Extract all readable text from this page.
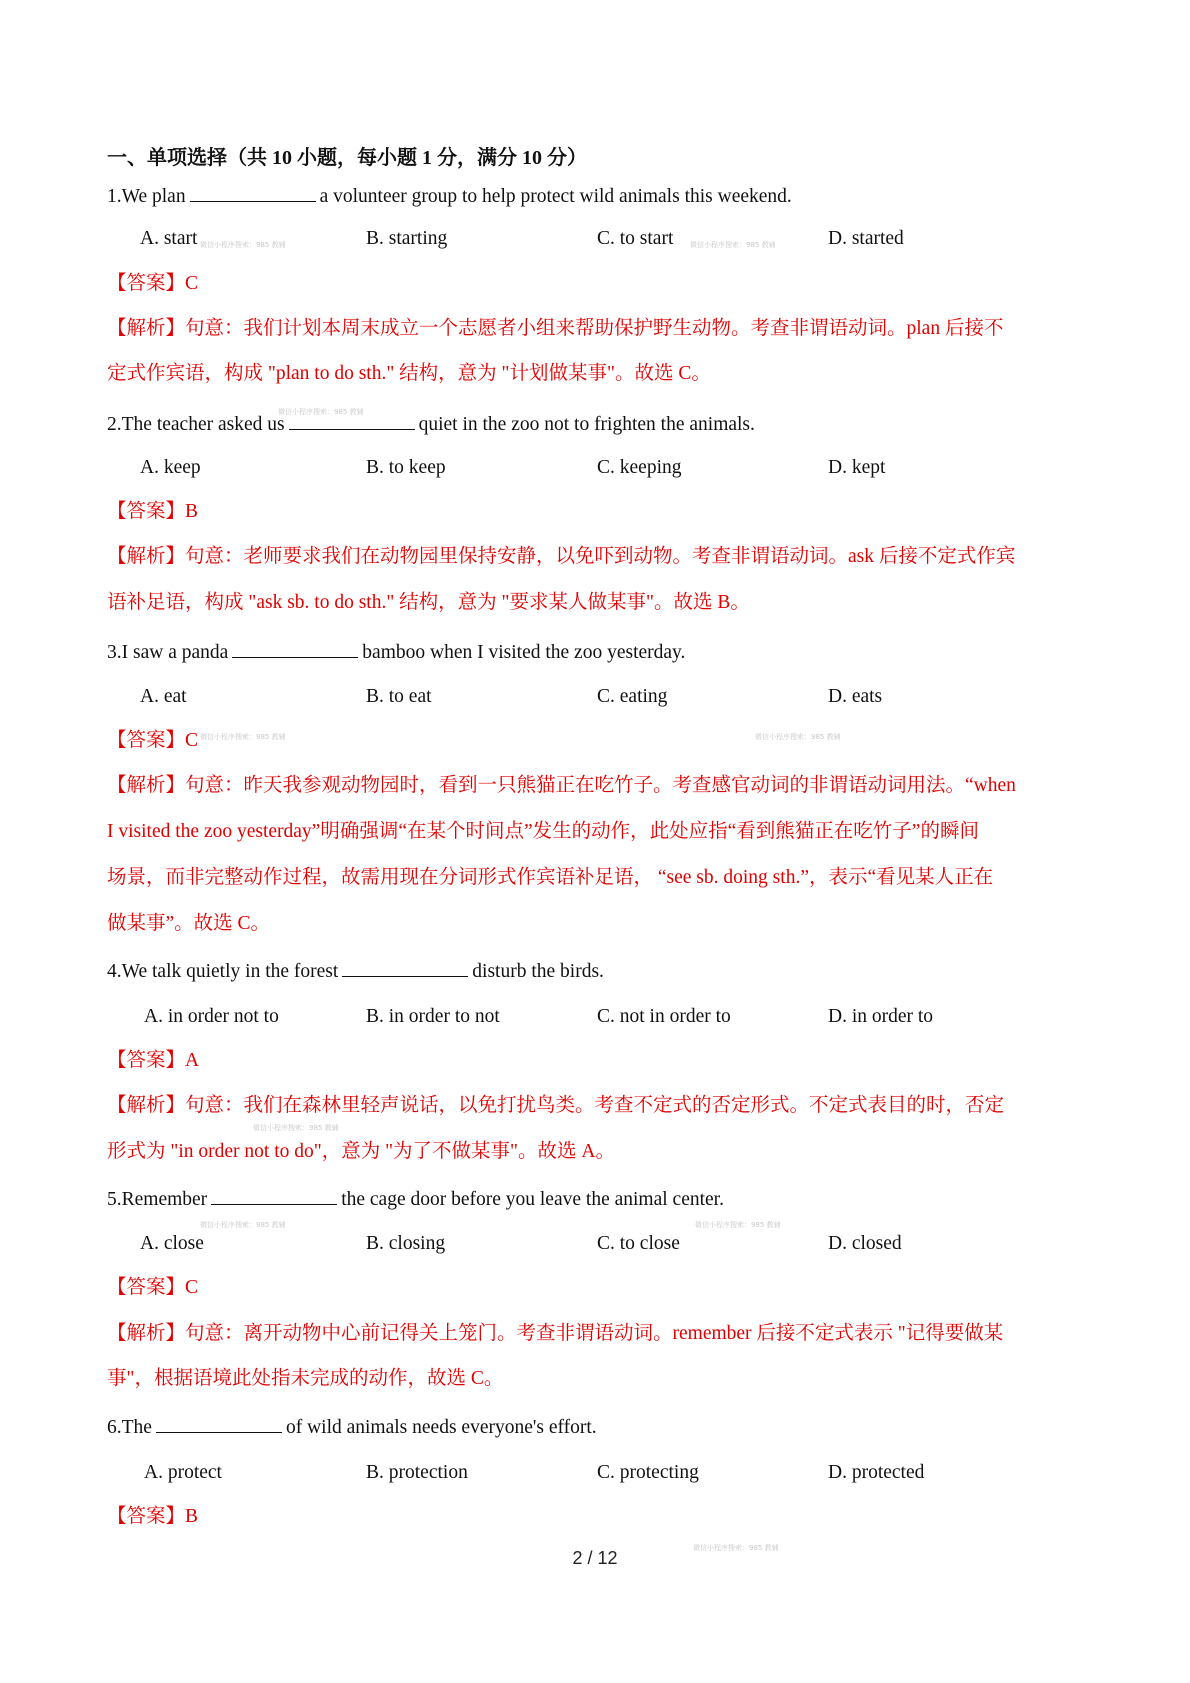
一、单项选择（共 10 小题，每小题 1 分，满分 10 分）
1.We plan	a volunteer group to help protect wild animals this weekend.
A. start	B. starting	C. to start	D. started
【答案】C
【解析】句意：我们计划本周末成立一个志愿者小组来帮助保护野生动物。考查非谓语动词。plan 后接不
定式作宾语，构成 "plan to do sth." 结构，意为 "计划做某事"。故选 C。
2.The teacher asked us	quiet in the zoo not to frighten the animals.
A. keep	B. to keep	C. keeping	D. kept
【答案】B
【解析】句意：老师要求我们在动物园里保持安静，以免吓到动物。考查非谓语动词。ask 后接不定式作宾
语补足语，构成 "ask sb. to do sth." 结构，意为 "要求某人做某事"。故选 B。
3.I saw a panda	bamboo when I visited the zoo yesterday.
A. eat	B. to eat	C. eating	D. eats
【答案】C
【解析】句意：昨天我参观动物园时，看到一只熊猫正在吃竹子。考查感官动词的非谓语动词用法。“when
I visited the zoo yesterday”明确强调“在某个时间点”发生的动作，此处应指“看到熊猫正在吃竹子”的瞬间
场景，而非完整动作过程，故需用现在分词形式作宾语补足语， “see sb. doing sth.”，表示“看见某人正在
做某事”。故选 C。
4.We talk quietly in the forest	disturb the birds.
A. in order not to	B. in order to not	C. not in order to	D. in order to
【答案】A
【解析】句意：我们在森林里轻声说话，以免打扰鸟类。考查不定式的否定形式。不定式表目的时，否定
形式为 "in order not to do"，意为 "为了不做某事"。故选 A。
5.Remember	the cage door before you leave the animal center.
A. close	B. closing	C. to close	D. closed
【答案】C
【解析】句意：离开动物中心前记得关上笼门。考查非谓语动词。remember 后接不定式表示 "记得要做某
事"，根据语境此处指未完成的动作，故选 C。
6.The	of wild animals needs everyone's effort.
A. protect	B. protection	C. protecting	D. protected
【答案】B
微信小程序搜索：985 教辅	微信小程序搜索：985 教辅
微信小程序搜索：985 教辅
微信小程序搜索：985 教辅	微信小程序搜索：985 教辅
微信小程序搜索：985 教辅
微信小程序搜索：985 教辅	微信小程序搜索：985 教辅
微信小程序搜索：985 教辅
2 / 12
